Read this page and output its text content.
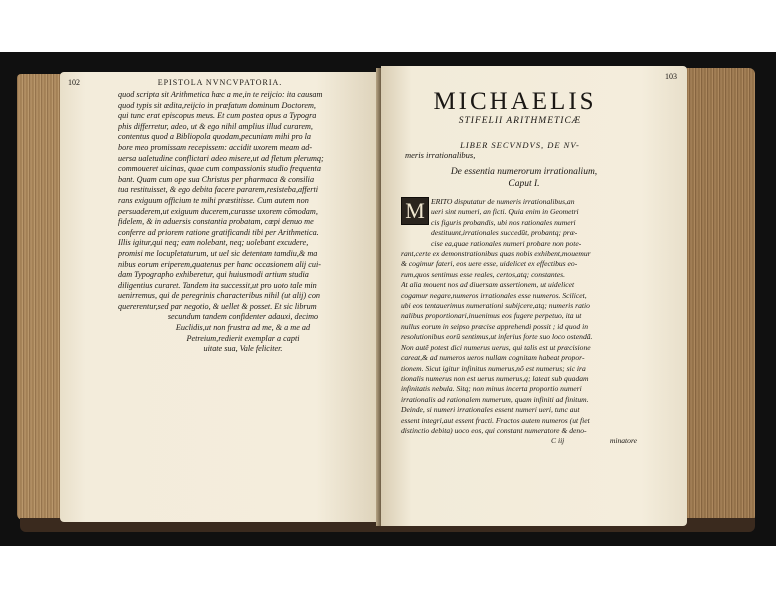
102	EPISTOLA NVNCVPATORIA.
quod scripta sit Arithmetica hæc a me,in te reijcio: ita causam
quod typis sit ædita,reijcio in præfatum dominum Doctorem,
qui tunc erat episcopus meus. Et cum postea opus a Typogra
phis differretur, adeo, ut & ego nihil amplius illud curarem,
contentus quod a Bibliopola quodam,pecuniam mihi pro la
bore meo promissam recepissem: accidit uxorem meam ad-
uersa ualetudine conflictari adeo misere,ut ad fletum plerumq;
commoueret uicinas, quae cum compassionis studio frequenta
bant. Quam cum ope sua Christus per pharmaca & consilia
tua restituisset, & ego debita facere pararem,resisteba,afferti
rans exiguum officium te mihi præstitisse. Cum autem non
persuaderem,ut exiguum ducerem,curasse uxorem cõmodam,
fidelem, & in aduersis constantia probatam, cœpi denuo me
conferre ad priorem ratione gratificandi tibi per Arithmetica.
Illis igitur,qui neq; eam nolebant, neq; uolebant excudere,
promisi me locupletaturum, ut uel sic detentam tamdiu,& ma
nibus eorum eriperem,quatenus per hanc occasionem alij cui-
dam Typographo exhiberetur, qui huiusmodi artium studia
diligentius curaret. Tandem ita successit,ut pro uoto tale min
uenirremus, qui de peregrinis characteribus nihil (ut alij) con
quererentur,sed par negotio, & uellet & posset. Et sic librum
secundum tandem confidenter adauxi, decimo
Euclidis,ut non frustra ad me, & a me ad
Petreium,redierit exemplar a capti
uitate sua, Vale feliciter.
103
MICHAELIS
STIFELII ARITHMETICÆ
LIBER SECVNDVS, DE NV-
meris irrationalibus,
De essentia numerorum irrationalium,
Caput I.
M ERITO disputatur de numeris irrationalibus,an
ueri sint numeri, an ficti. Quia enim in Geometri
cis figuris probandis, ubi nos rationales numeri
destituunt,irrationales succedūt, probantq; præ-
cise ea,quae rationales numeri probare non pote-
rant,certe ex demonstrationibus quas nobis exhibent,mouemur
& cogimur fateri, eos uere esse, uidelicet ex effectibus eo-
rum,quos sentimus esse reales, certos,atq; constantes.
At alia mouent nos ad diuersam assertionem, ut uidelicet
cogamur negare,numeros irrationales esse numeros. Scilicet,
ubi eos tentauerimus numerationi subijcere,atq; numeris ratio
nalibus proportionari,inuenimus eos fugere perpetuo, ita ut
nullus eorum in seipso præcise apprehendi possit ; id quod in
resolutionibus eorū sentimus,ut inferius forte suo loco ostendã.
Non autẽ potest dici numerus uerus, qui talis est ut præcisione
careat,& ad numeros ueros nullam cognitam habeat propor-
tionem. Sicut igitur infinitus numerus,nõ est numerus; sic ira
tionalis numerus non est uerus numerus,q; lateat sub quadam
infinitatis nebula. Sitq; non minus incerta proportio numeri
irrationalis ad rationalem numerum, quam infiniti ad finitum.
Deinde, si numeri irrationales essent numeri ueri, tunc aut
essent integri,aut essent fracti. Fractos autem numeros (ut fiet
distinctio debita) uoco eos, qui constant numeratore & deno-
C iij	minatore
